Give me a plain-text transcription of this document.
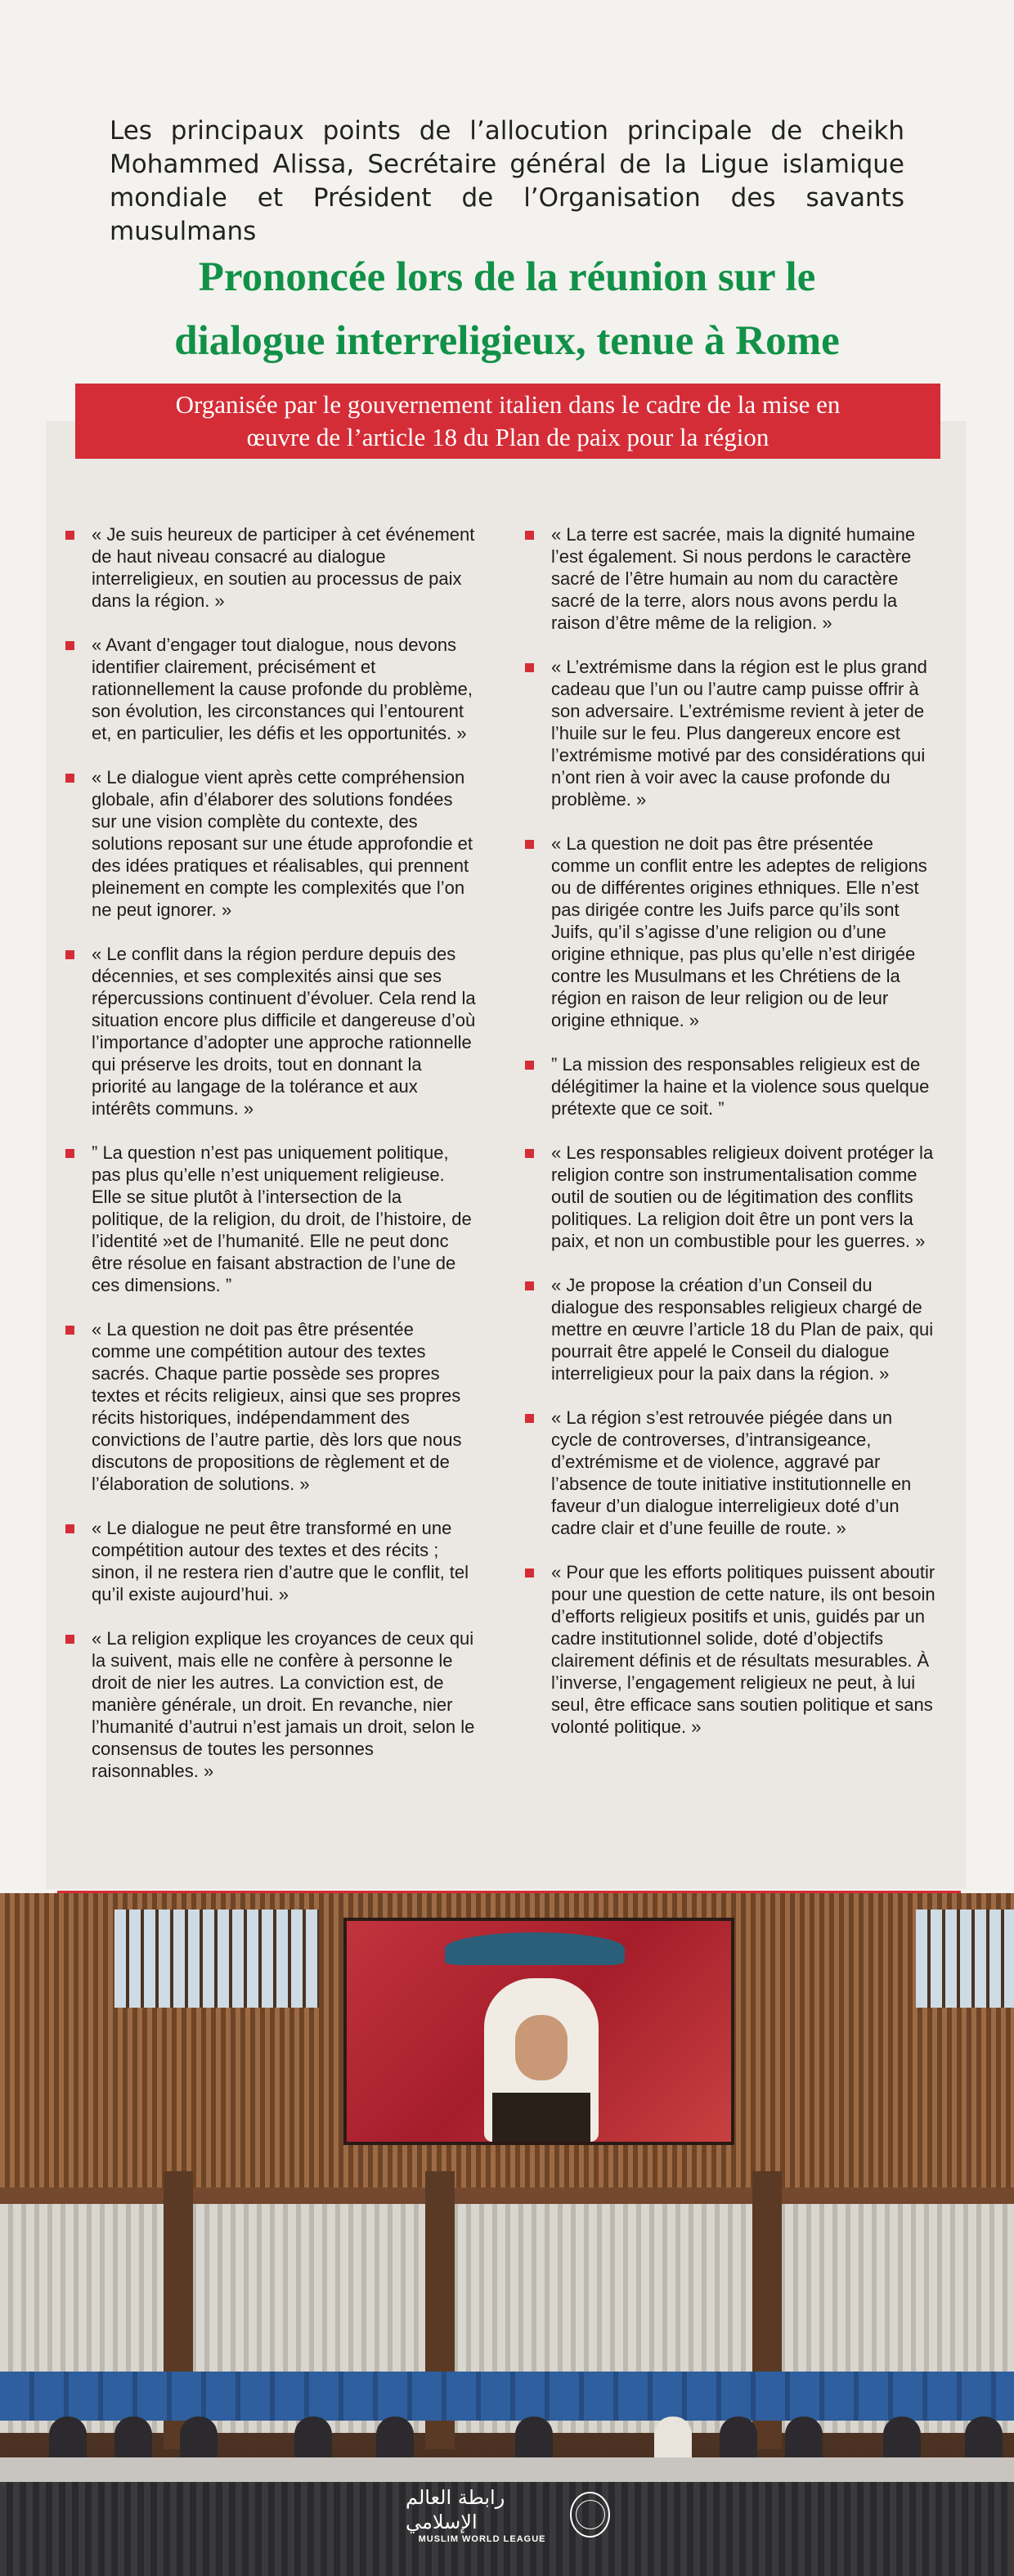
Les principaux points de l’allocution principale de cheikh
Mohammed Alissa, Secrétaire général de la Ligue islamique
mondiale et Président de l’Organisation des savants musulmans
Prononcée lors de la réunion sur le
dialogue interreligieux, tenue à Rome
Organisée par le gouvernement italien dans le cadre de la mise en
œuvre de l’article 18 du Plan de paix pour la région
« Je suis heureux de participer à cet événement de haut niveau consacré au dialogue interreligieux, en soutien au processus de paix dans la région. »
« Avant d’engager tout dialogue, nous devons identifier clairement, précisément et rationnellement la cause profonde du problème, son évolution, les circonstances qui l’entourent et, en particulier, les défis et les opportunités. »
« Le dialogue vient après cette compréhension globale, afin d’élaborer des solutions fondées sur une vision complète du contexte, des solutions reposant sur une étude approfondie et des idées pratiques et réalisables, qui prennent pleinement en compte les complexités que l’on ne peut ignorer. »
« Le conflit dans la région perdure depuis des décennies, et ses complexités ainsi que ses répercussions continuent d’évoluer. Cela rend la situation encore plus difficile et dangereuse d’où l’importance d’adopter une approche rationnelle qui préserve les droits, tout en donnant la priorité au langage de la tolérance et aux intérêts communs. »
” La question n’est pas uniquement politique, pas plus qu’elle n’est uniquement religieuse. Elle se situe plutôt à l’intersection de la politique, de la religion, du droit, de l’histoire, de l’identité »et de l’humanité. Elle ne peut donc être résolue en faisant abstraction de l’une de ces dimensions. ”
« La question ne doit pas être présentée comme une compétition autour des textes sacrés. Chaque partie possède ses propres textes et récits religieux, ainsi que ses propres récits historiques, indépendamment des convictions de l’autre partie, dès lors que nous discutons de propositions de règlement et de l’élaboration de solutions. »
« Le dialogue ne peut être transformé en une compétition autour des textes et des récits ; sinon, il ne restera rien d’autre que le conflit, tel qu’il existe aujourd’hui. »
« La religion explique les croyances de ceux qui la suivent, mais elle ne confère à personne le droit de nier les autres. La conviction est, de manière générale, un droit. En revanche, nier l’humanité d’autrui n’est jamais un droit, selon le consensus de toutes les personnes raisonnables. »
« La terre est sacrée, mais la dignité humaine l’est également. Si nous perdons le caractère sacré de l’être humain au nom du caractère sacré de la terre, alors nous avons perdu la raison d’être même de la religion. »
« L’extrémisme dans la région est le plus grand cadeau que l’un ou l’autre camp puisse offrir à son adversaire. L’extrémisme revient à jeter de l’huile sur le feu. Plus dangereux encore est l’extrémisme motivé par des considérations qui n’ont rien à voir avec la cause profonde du problème. »
« La question ne doit pas être présentée comme un conflit entre les adeptes de religions ou de différentes origines ethniques. Elle n’est pas dirigée contre les Juifs parce qu’ils sont Juifs, qu’il s’agisse d’une religion ou d’une origine ethnique, pas plus qu’elle n’est dirigée contre les Musulmans et les Chrétiens de la région en raison de leur religion ou de leur origine ethnique. »
” La mission des responsables religieux est de délégitimer la haine et la violence sous quelque prétexte que ce soit. ”
« Les responsables religieux doivent protéger la religion contre son instrumentalisation comme outil de soutien ou de légitimation des conflits politiques. La religion doit être un pont vers la paix, et non un combustible pour les guerres. »
« Je propose la création d’un Conseil du dialogue des responsables religieux chargé de mettre en œuvre l’article 18 du Plan de paix, qui pourrait être appelé le Conseil du dialogue interreligieux pour la paix dans la région. »
« La région s’est retrouvée piégée dans un cycle de controverses, d’intransigeance, d’extrémisme et de violence, aggravé par l’absence de toute initiative institutionnelle en faveur d’un dialogue interreligieux doté d’un cadre clair et d’une feuille de route. »
« Pour que les efforts politiques puissent aboutir pour une question de cette nature, ils ont besoin d’efforts religieux positifs et unis, guidés par un cadre institutionnel solide, doté d’objectifs clairement définis et de résultats mesurables. À l’inverse, l’engagement religieux ne peut, à lui seul, être efficace sans soutien politique et sans volonté politique. »
رابطة العالم الإسلامي
MUSLIM WORLD LEAGUE
